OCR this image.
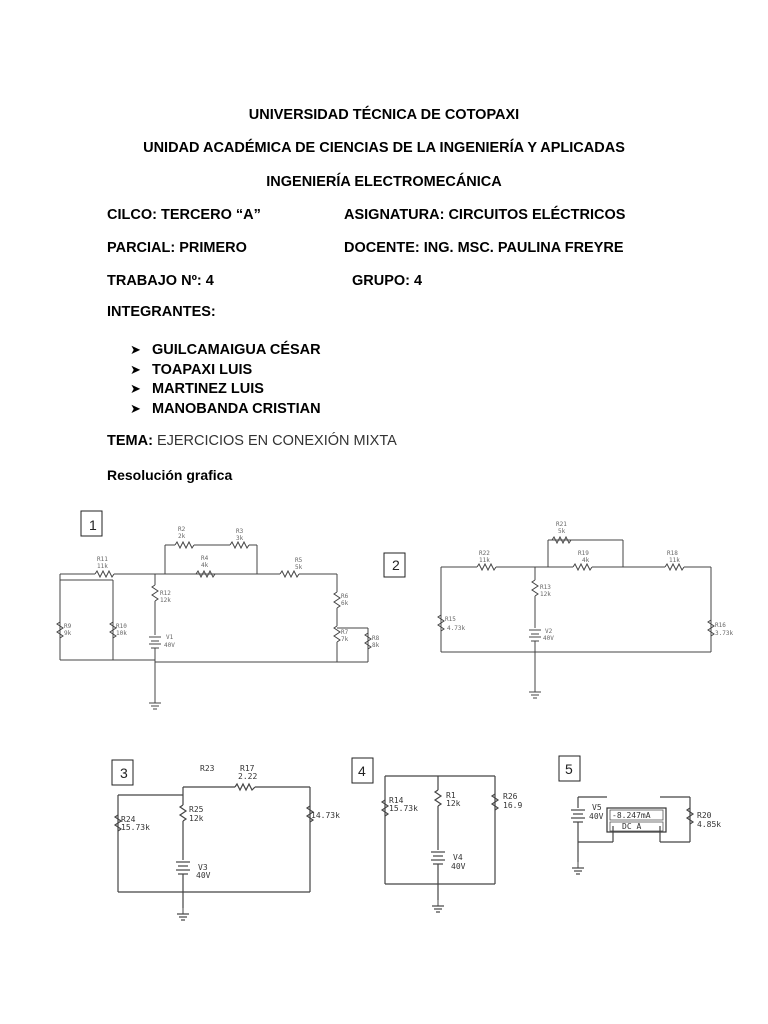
UNIVERSIDAD TÉCNICA DE COTOPAXI
UNIDAD ACADÉMICA DE CIENCIAS DE LA INGENIERÍA Y APLICADAS
INGENIERÍA ELECTROMECÁNICA
CILCO: TERCERO “A”	ASIGNATURA: CIRCUITOS ELÉCTRICOS
PARCIAL: PRIMERO	DOCENTE: ING. MSC. PAULINA FREYRE
TRABAJO Nº: 4	GRUPO: 4
INTEGRANTES:
➤ GUILCAMAIGUA CÉSAR
➤ TOAPAXI LUIS
➤ MARTINEZ LUIS
➤ MANOBANDA CRISTIAN
TEMA: EJERCICIOS EN CONEXIÓN MIXTA
Resolución grafica
1	R2
2k
R3
3k
R4
4k
R5
5k
R11
11k
R12
12k
R9
9k
R10
10k
V1
40V
R6
6k
R7
7k	R8
8k
2
R21
5k
R22
11k
R19
4k
R18
11k
R13
12k
R15
4.73k	V2
40V
R16
3.73k
3	R23	R17
2.22
R24
15.73k
R25
12k
V3
40V
14.73k
4
R14
15.73k
R1
12k
R26
16.9
V4
40V
5
V5
40V -8.247mA
DC A
R20
4.85k
